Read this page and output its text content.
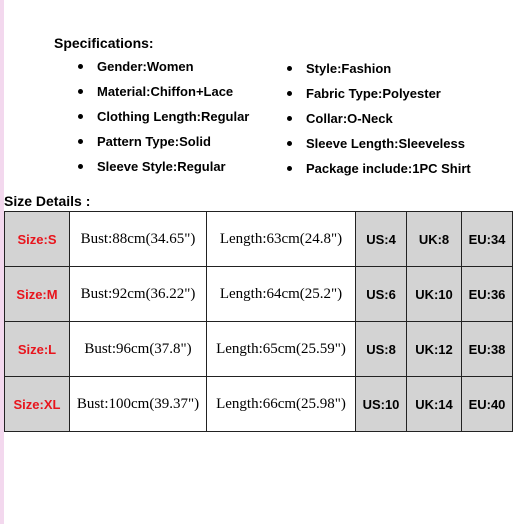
Specifications:
Gender:Women
Material:Chiffon+Lace
Clothing Length:Regular
Pattern Type:Solid
Sleeve Style:Regular
Style:Fashion
Fabric Type:Polyester
Collar:O-Neck
Sleeve Length:Sleeveless
Package include:1PC Shirt
Size Details :
Size:S	Bust:88cm(34.65")	Length:63cm(24.8")	US:4	UK:8	EU:34
Size:M	Bust:92cm(36.22")	Length:64cm(25.2")	US:6	UK:10	EU:36
Size:L	Bust:96cm(37.8")	Length:65cm(25.59")	US:8	UK:12	EU:38
Size:XL	Bust:100cm(39.37")	Length:66cm(25.98")	US:10	UK:14	EU:40
